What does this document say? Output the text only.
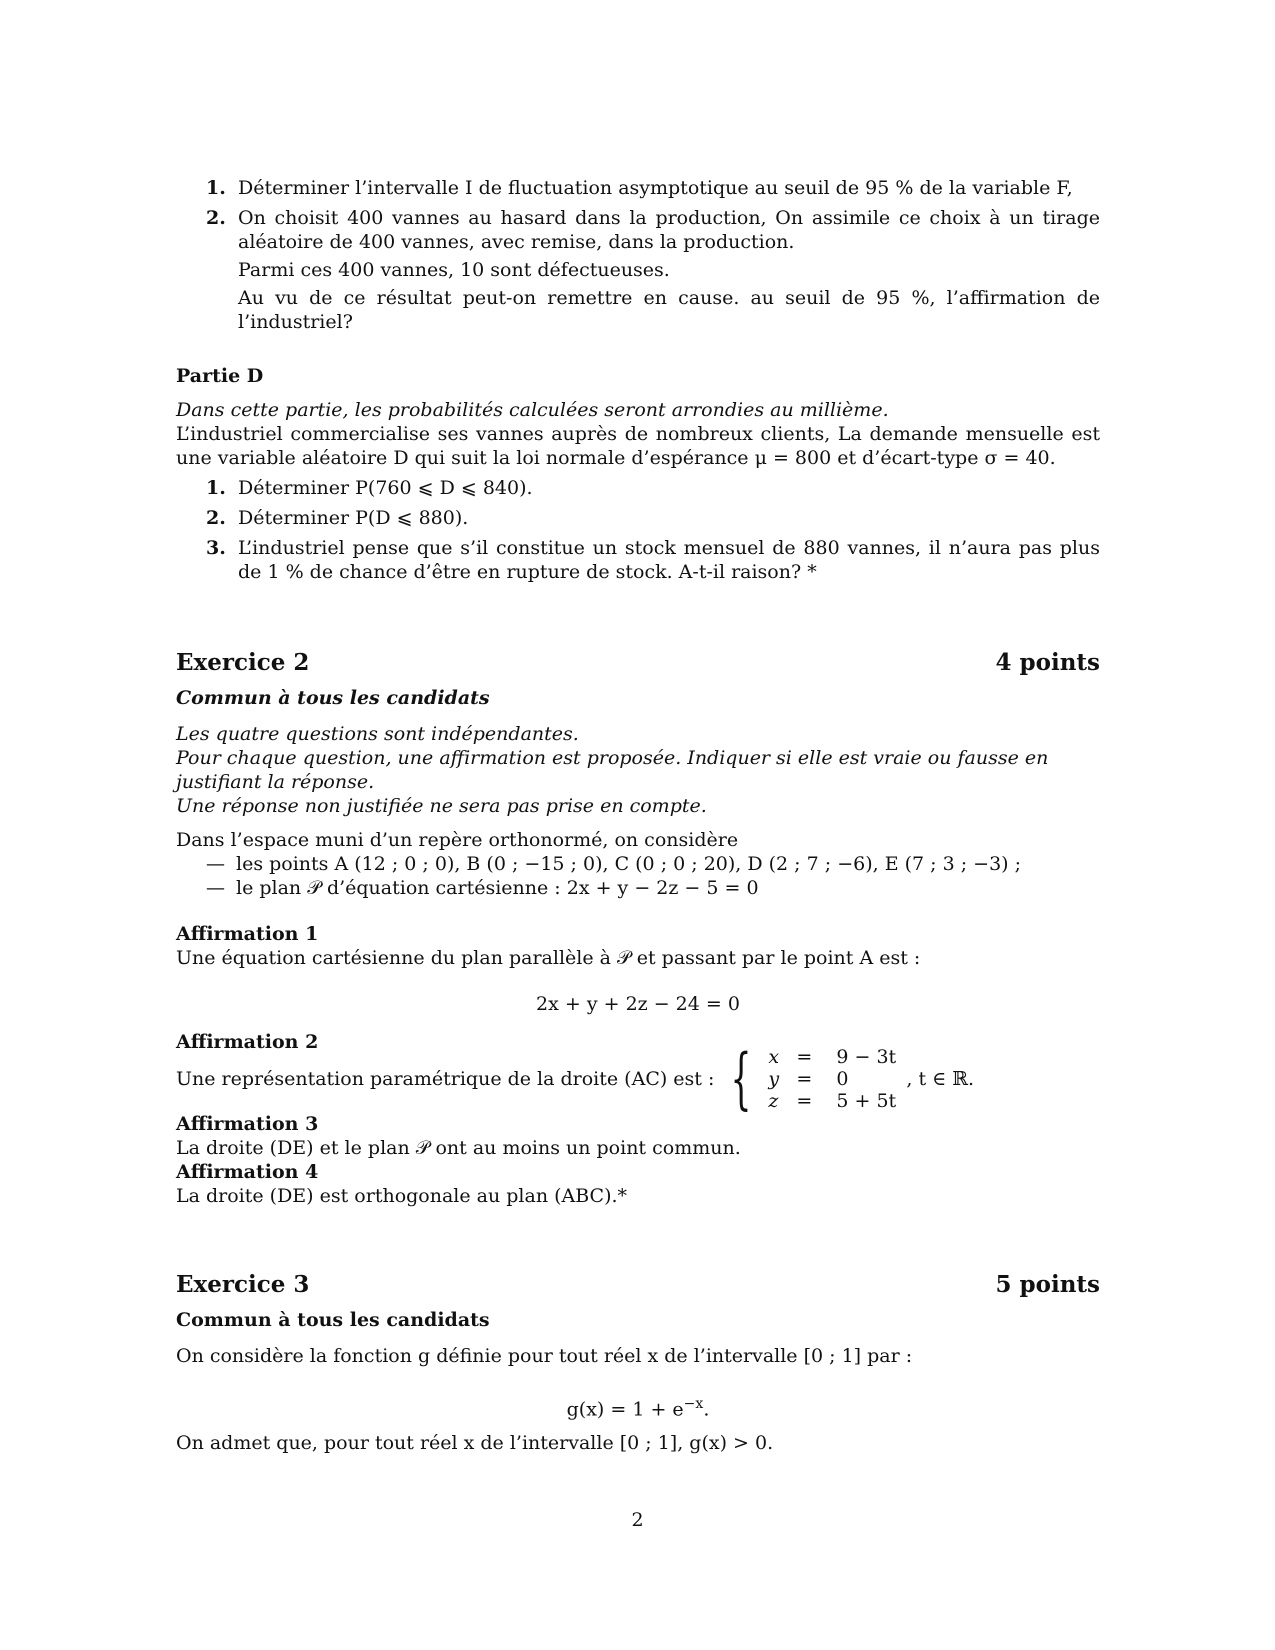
1. Déterminer l’intervalle I de fluctuation asymptotique au seuil de 95 % de la variable F,
2. On choisit 400 vannes au hasard dans la production, On assimile ce choix à un tirage aléatoire de 400 vannes, avec remise, dans la production.
Parmi ces 400 vannes, 10 sont défectueuses.
Au vu de ce résultat peut-on remettre en cause. au seuil de 95 %, l’affirmation de l’industriel?
Partie D
Dans cette partie, les probabilités calculées seront arrondies au millième.
L’industriel commercialise ses vannes auprès de nombreux clients, La demande mensuelle est une variable aléatoire D qui suit la loi normale d’espérance μ = 800 et d’écart-type σ = 40.
1. Déterminer P(760 ⩽ D ⩽ 840).
2. Déterminer P(D ⩽ 880).
3. L’industriel pense que s’il constitue un stock mensuel de 880 vannes, il n’aura pas plus de 1 % de chance d’être en rupture de stock. A-t-il raison? *
Exercice 2	4 points
Commun à tous les candidats
Les quatre questions sont indépendantes.
Pour chaque question, une affirmation est proposée. Indiquer si elle est vraie ou fausse en justifiant la réponse.
Une réponse non justifiée ne sera pas prise en compte.
Dans l’espace muni d’un repère orthonormé, on considère
— les points A (12 ; 0 ; 0), B (0 ; −15 ; 0), C (0 ; 0 ; 20), D (2 ; 7 ; −6), E (7 ; 3 ; −3) ;
— le plan 𝒫 d’équation cartésienne : 2x + y − 2z − 5 = 0
Affirmation 1
Une équation cartésienne du plan parallèle à 𝒫 et passant par le point A est :
2x + y + 2z − 24 = 0
Affirmation 2
Une représentation paramétrique de la droite (AC) est : { x =	9 − 3t
y =	0
z =	5 + 5t
, t ∈ ℝ.
Affirmation 3
La droite (DE) et le plan 𝒫 ont au moins un point commun.
Affirmation 4
La droite (DE) est orthogonale au plan (ABC).*
Exercice 3	5 points
Commun à tous les candidats
On considère la fonction g définie pour tout réel x de l’intervalle [0 ; 1] par :
$g(x) = 1 + e^{-x}$.
On admet que, pour tout réel x de l’intervalle [0 ; 1], g(x) > 0.
2
